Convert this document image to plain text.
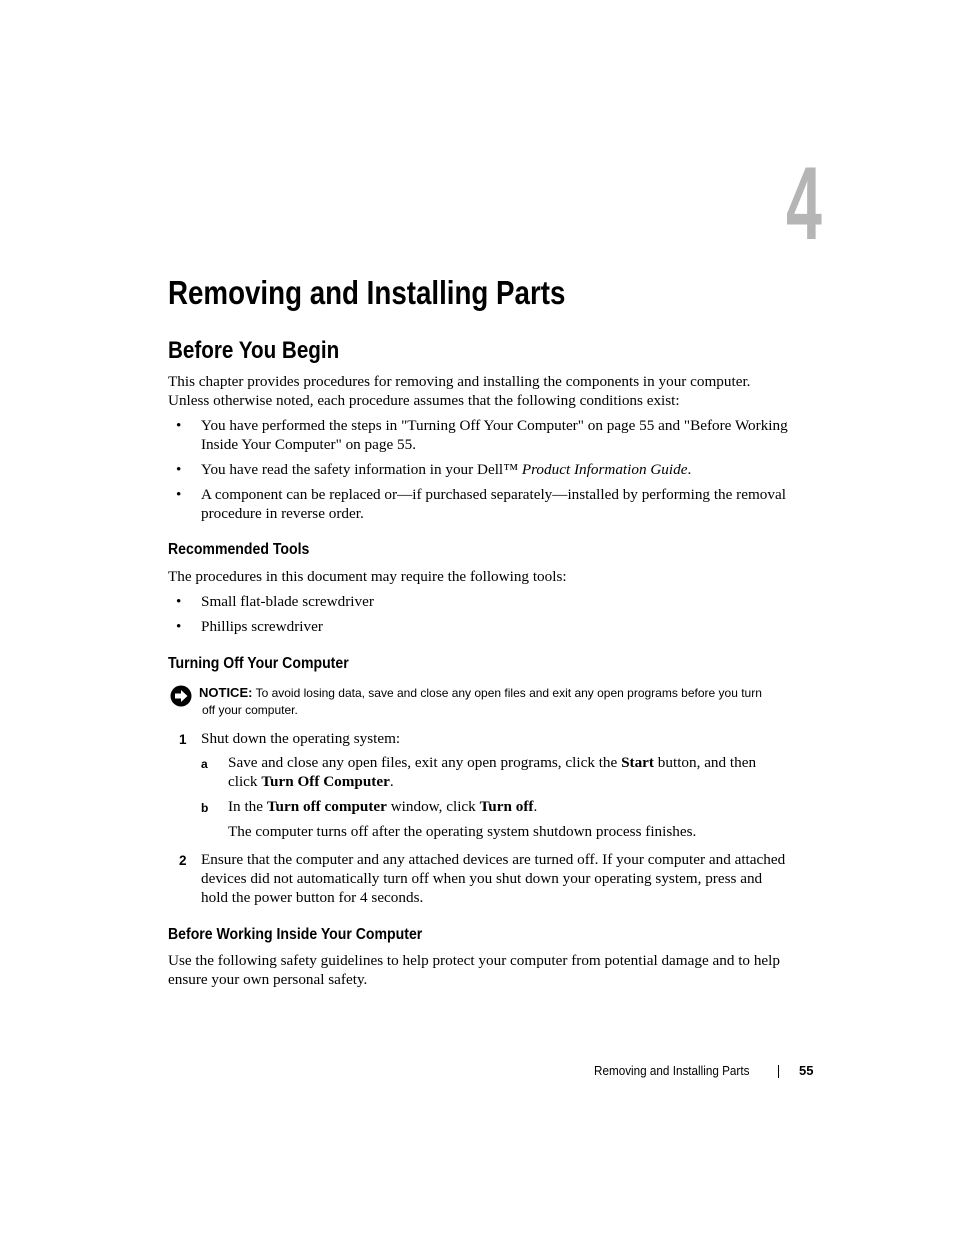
4
Removing and Installing Parts
Before You Begin

This chapter provides procedures for removing and installing the components in your computer. Unless otherwise noted, each procedure assumes that the following conditions exist:

• You have performed the steps in "Turning Off Your Computer" on page 55 and "Before Working Inside Your Computer" on page 55.
• You have read the safety information in your Dell™ Product Information Guide.
• A component can be replaced or—if purchased separately—installed by performing the removal procedure in reverse order.
Recommended Tools

The procedures in this document may require the following tools:

• Small flat-blade screwdriver
• Phillips screwdriver
Turning Off Your Computer
NOTICE: To avoid losing data, save and close any open files and exit any open programs before you turn
off your computer.
1 Shut down the operating system:
a	Save and close any open files, exit any open programs, click the Start button, and then click Turn Off Computer.
b	In the Turn off computer window, click Turn off.
The computer turns off after the operating system shutdown process finishes.
2 Ensure that the computer and any attached devices are turned off. If your computer and attached devices did not automatically turn off when you shut down your operating system, press and hold the power button for 4 seconds.
Before Working Inside Your Computer

Use the following safety guidelines to help protect your computer from potential damage and to help ensure your own personal safety.

Removing and Installing Parts	55
